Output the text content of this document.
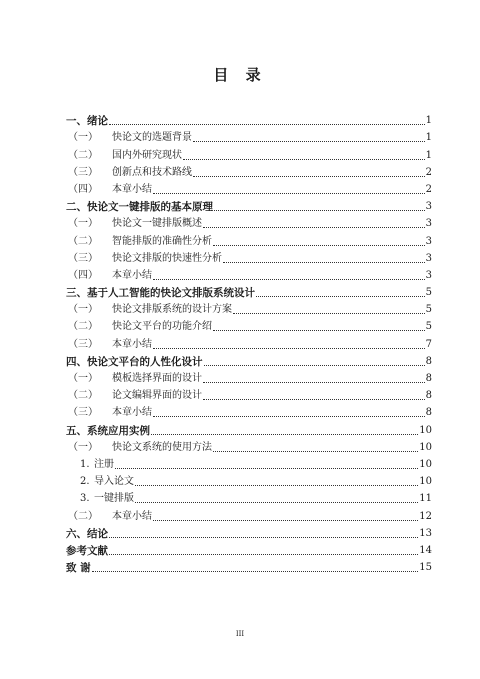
目 录
一、绪论	1
（一） 快论文的选题背景	1
（二） 国内外研究现状	1
（三） 创新点和技术路线	2
（四） 本章小结	2
二、快论文一键排版的基本原理	3
（一） 快论文一键排版概述	3
（二） 智能排版的准确性分析	3
（三） 快论文排版的快速性分析	3
（四） 本章小结	3
三、基于人工智能的快论文排版系统设计	5
（一） 快论文排版系统的设计方案	5
（二） 快论文平台的功能介绍	5
（三） 本章小结	7
四、快论文平台的人性化设计	8
（一） 模板选择界面的设计	8
（二） 论文编辑界面的设计	8
（三） 本章小结	8
五、系统应用实例	10
（一） 快论文系统的使用方法	10
1. 注册	10
2. 导入论文	10
3. 一键排版	11
（二） 本章小结	12
六、结论	13
参考文献	14
致 谢	15
III
